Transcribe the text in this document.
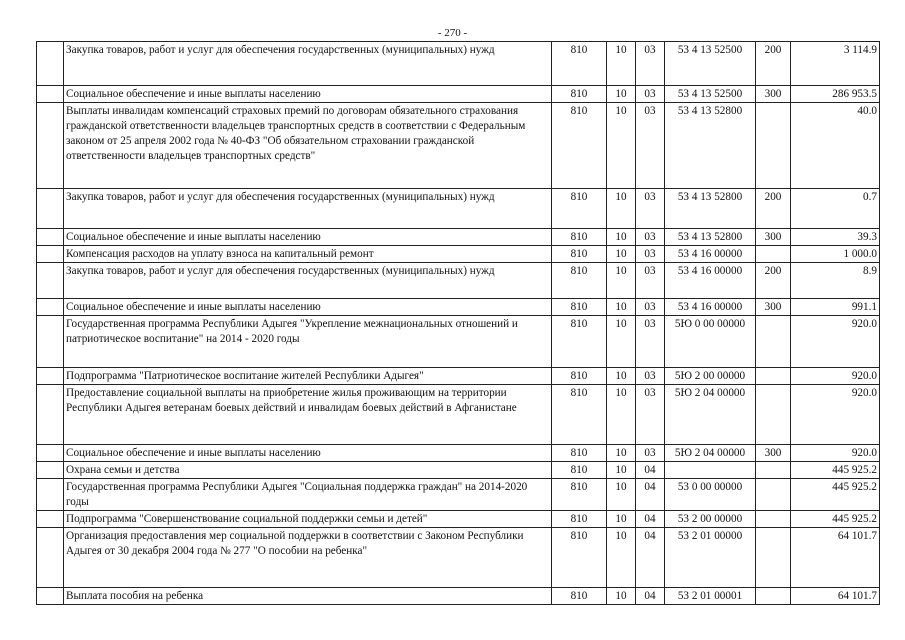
- 270 -
	Закупка товаров, работ и услуг для обеспечения государственных (муниципальных) нужд	810	10	03	53 4 13 52500	200	3 114.9
	Социальное обеспечение и иные выплаты населению	810	10	03	53 4 13 52500	300	286 953.5
	Выплаты инвалидам компенсаций страховых премий по договорам обязательного страхования гражданской ответственности владельцев транспортных средств в соответствии с Федеральным законом от 25 апреля 2002 года № 40-ФЗ "Об обязательном страховании гражданской ответственности владельцев транспортных средств"	810	10	03	53 4 13 52800		40.0
	Закупка товаров, работ и услуг для обеспечения государственных (муниципальных) нужд	810	10	03	53 4 13 52800	200	0.7
	Социальное обеспечение и иные выплаты населению	810	10	03	53 4 13 52800	300	39.3
	Компенсация расходов на уплату взноса на капитальный ремонт	810	10	03	53 4 16 00000		1 000.0
	Закупка товаров, работ и услуг для обеспечения государственных (муниципальных) нужд	810	10	03	53 4 16 00000	200	8.9
	Социальное обеспечение и иные выплаты населению	810	10	03	53 4 16 00000	300	991.1
	Государственная программа Республики Адыгея "Укрепление межнациональных отношений и патриотическое воспитание" на 2014 - 2020 годы	810	10	03	5Ю 0 00 00000		920.0
	Подпрограмма "Патриотическое воспитание жителей Республики Адыгея"	810	10	03	5Ю 2 00 00000		920.0
	Предоставление социальной выплаты на приобретение жилья проживающим на территории Республики Адыгея ветеранам боевых действий и инвалидам боевых действий в Афганистане	810	10	03	5Ю 2 04 00000		920.0
	Социальное обеспечение и иные выплаты населению	810	10	03	5Ю 2 04 00000	300	920.0
	Охрана семьи и детства	810	10	04			445 925.2
	Государственная программа Республики Адыгея "Социальная поддержка граждан" на 2014-2020 годы	810	10	04	53 0 00 00000		445 925.2
	Подпрограмма "Совершенствование социальной поддержки семьи и детей"	810	10	04	53 2 00 00000		445 925.2
	Организация предоставления мер социальной поддержки в соответствии с Законом Республики Адыгея от 30 декабря 2004 года № 277 "О пособии на ребенка"	810	10	04	53 2 01 00000		64 101.7
	Выплата пособия на ребенка	810	10	04	53 2 01 00001		64 101.7
